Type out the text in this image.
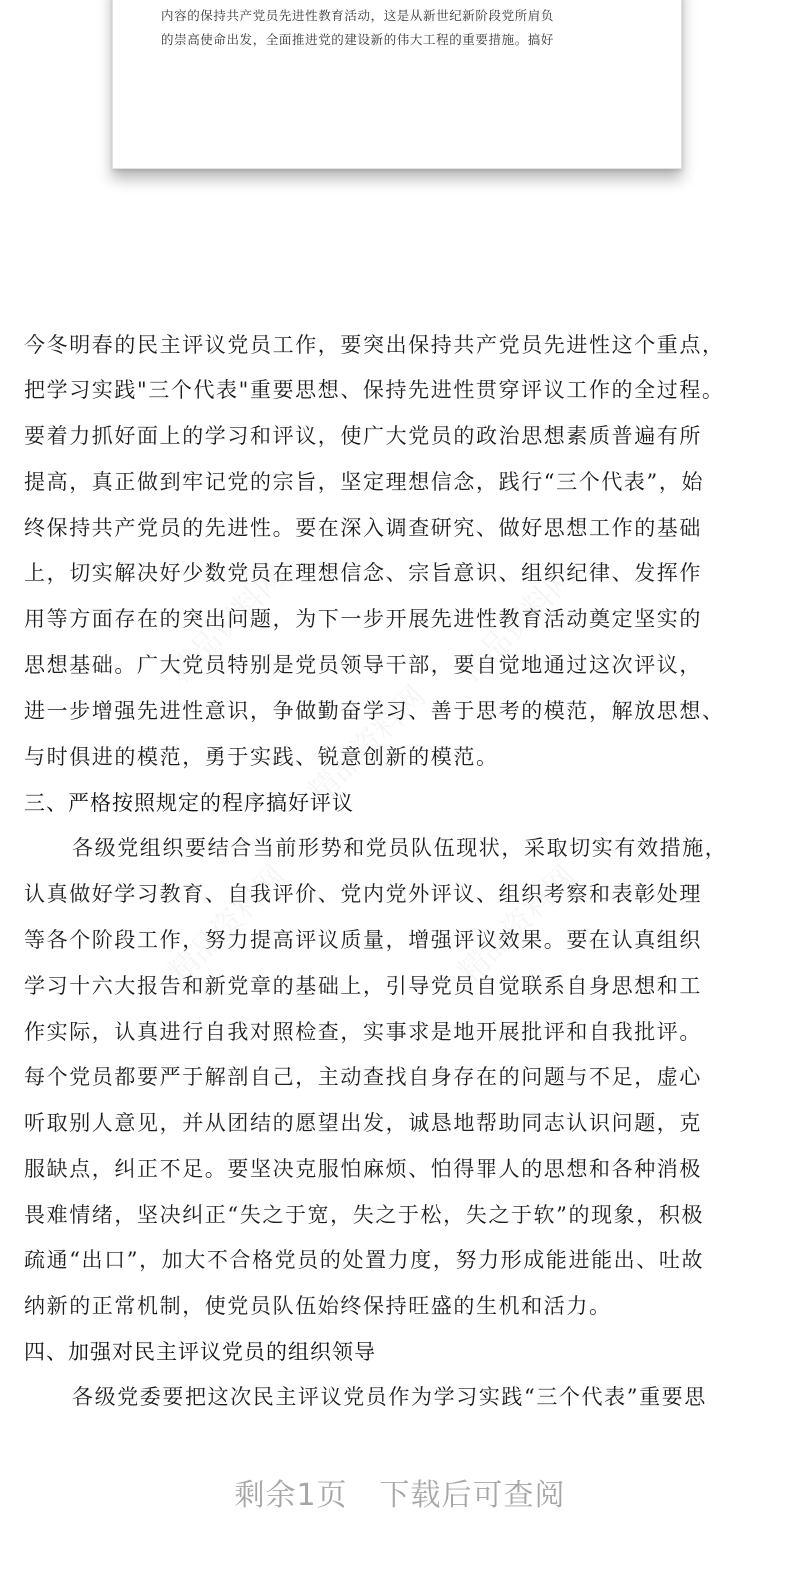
内容的保持共产党员先进性教育活动，这是从新世纪新阶段党所肩负
的崇高使命出发，全面推进党的建设新的伟大工程的重要措施。搞好
精品资料网	精品资料网
精品资料网
精品资料网	精品资料网
今冬明春的民主评议党员工作，要突出保持共产党员先进性这个重点，
把学习实践"三个代表"重要思想、保持先进性贯穿评议工作的全过程。
要着力抓好面上的学习和评议，使广大党员的政治思想素质普遍有所
提高，真正做到牢记党的宗旨，坚定理想信念，践行“三个代表”，始
终保持共产党员的先进性。要在深入调查研究、做好思想工作的基础
上，切实解决好少数党员在理想信念、宗旨意识、组织纪律、发挥作
用等方面存在的突出问题，为下一步开展先进性教育活动奠定坚实的
思想基础。广大党员特别是党员领导干部，要自觉地通过这次评议，
进一步增强先进性意识，争做勤奋学习、善于思考的模范，解放思想、
与时俱进的模范，勇于实践、锐意创新的模范。
三、严格按照规定的程序搞好评议
各级党组织要结合当前形势和党员队伍现状，采取切实有效措施，
认真做好学习教育、自我评价、党内党外评议、组织考察和表彰处理
等各个阶段工作，努力提高评议质量，增强评议效果。要在认真组织
学习十六大报告和新党章的基础上，引导党员自觉联系自身思想和工
作实际，认真进行自我对照检查，实事求是地开展批评和自我批评。
每个党员都要严于解剖自己，主动查找自身存在的问题与不足，虚心
听取别人意见，并从团结的愿望出发，诚恳地帮助同志认识问题，克
服缺点，纠正不足。要坚决克服怕麻烦、怕得罪人的思想和各种消极
畏难情绪，坚决纠正“失之于宽，失之于松，失之于软”的现象，积极
疏通“出口”，加大不合格党员的处置力度，努力形成能进能出、吐故
纳新的正常机制，使党员队伍始终保持旺盛的生机和活力。
四、加强对民主评议党员的组织领导
各级党委要把这次民主评议党员作为学习实践“三个代表”重要思
剩余1页 下载后可查阅
